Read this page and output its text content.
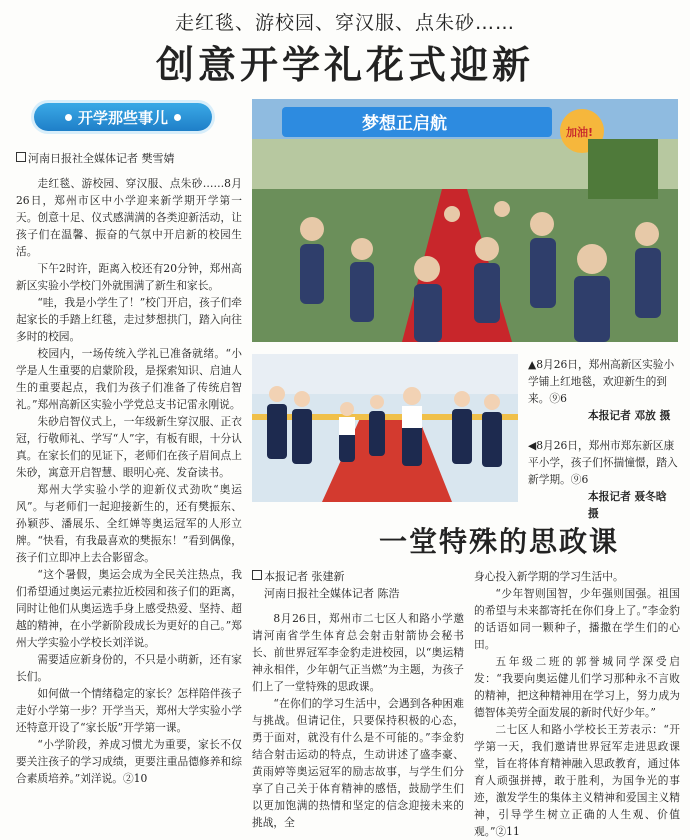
走红毯、游校园、穿汉服、点朱砂……
创意开学礼花式迎新
开学那些事儿
河南日报社全媒体记者 樊雪婧

走红毯、游校园、穿汉服、点朱砂……8月26日，郑州市区中小学迎来新学期开学第一天。创意十足、仪式感满满的各类迎新活动，让孩子们在温馨、振奋的气氛中开启新的校园生活。

下午2时许，距离入校还有20分钟，郑州高新区实验小学校门外就围满了新生和家长。

“哇，我是小学生了！”校门开启，孩子们牵起家长的手踏上红毯，走过梦想拱门，踏入向往多时的校园。

校园内，一场传统入学礼已准备就绪。“小学是人生重要的启蒙阶段，是探索知识、启迪人生的重要起点，我们为孩子们准备了传统启智礼。”郑州高新区实验小学党总支书记雷永刚说。

朱砂启智仪式上，一年级新生穿汉服、正衣冠，行敬师礼、学写“人”字，有板有眼，十分认真。在家长们的见证下，老师们在孩子眉间点上朱砂，寓意开启智慧、眼明心亮、发奋读书。

郑州大学实验小学的迎新仪式劲吹“奥运风”。与老师们一起迎接新生的，还有樊振东、孙颖莎、潘展乐、全红婵等奥运冠军的人形立牌。“快看，有我最喜欢的樊振东！”看到偶像，孩子们立即冲上去合影留念。

“这个暑假，奥运会成为全民关注热点，我们希望通过奥运元素拉近校园和孩子们的距离，同时让他们从奥运选手身上感受热爱、坚持、超越的精神，在小学新阶段成长为更好的自己。”郑州大学实验小学校长刘洋说。

需要适应新身份的，不只是小萌新，还有家长们。

如何做一个情绪稳定的家长？怎样陪伴孩子走好小学第一步？开学当天，郑州大学实验小学还特意开设了“家长版”开学第一课。

“小学阶段，养成习惯尤为重要，家长不仅要关注孩子的学习成绩，更要注重品德修养和综合素质培养。”刘洋说。②10

梦想正启航	加油!
▲8月26日，郑州高新区实验小学铺上红地毯，欢迎新生的到来。⑨6
本报记者 邓放 摄
◀8月26日，郑州市郑东新区康平小学，孩子们怀揣憧憬，踏入新学期。⑨6
本报记者 聂冬晗 摄
一堂特殊的思政课
本报记者 张建新
河南日报社全媒体记者 陈浩

8月26日，郑州市二七区人和路小学邀请河南省学生体育总会射击射箭协会秘书长、前世界冠军李金豹走进校园，以“奥运精神永相伴，少年朝气正当燃”为主题，为孩子们上了一堂特殊的思政课。

“在你们的学习生活中，会遇到各种困难与挑战。但请记住，只要保持积极的心态，勇于面对，就没有什么是不可能的。”李金豹结合射击运动的特点，生动讲述了盛李豪、黄雨婷等奥运冠军的励志故事，与学生们分享了自己关于体育精神的感悟，鼓励学生们以更加饱满的热情和坚定的信念迎接未来的挑战，全

身心投入新学期的学习生活中。

“少年智则国智，少年强则国强。祖国的希望与未来都寄托在你们身上了。”李金豹的话语如同一颗种子，播撒在学生们的心田。

五年级二班的郭誉城同学深受启发：“我要向奥运健儿们学习那种永不言败的精神，把这种精神用在学习上，努力成为德智体美劳全面发展的新时代好少年。”

二七区人和路小学校长王芳表示：“开学第一天，我们邀请世界冠军走进思政课堂，旨在将体育精神融入思政教育，通过体育人顽强拼搏，敢于胜利，为国争光的事迹，激发学生的集体主义精神和爱国主义精神，引导学生树立正确的人生观、价值观。”②11
